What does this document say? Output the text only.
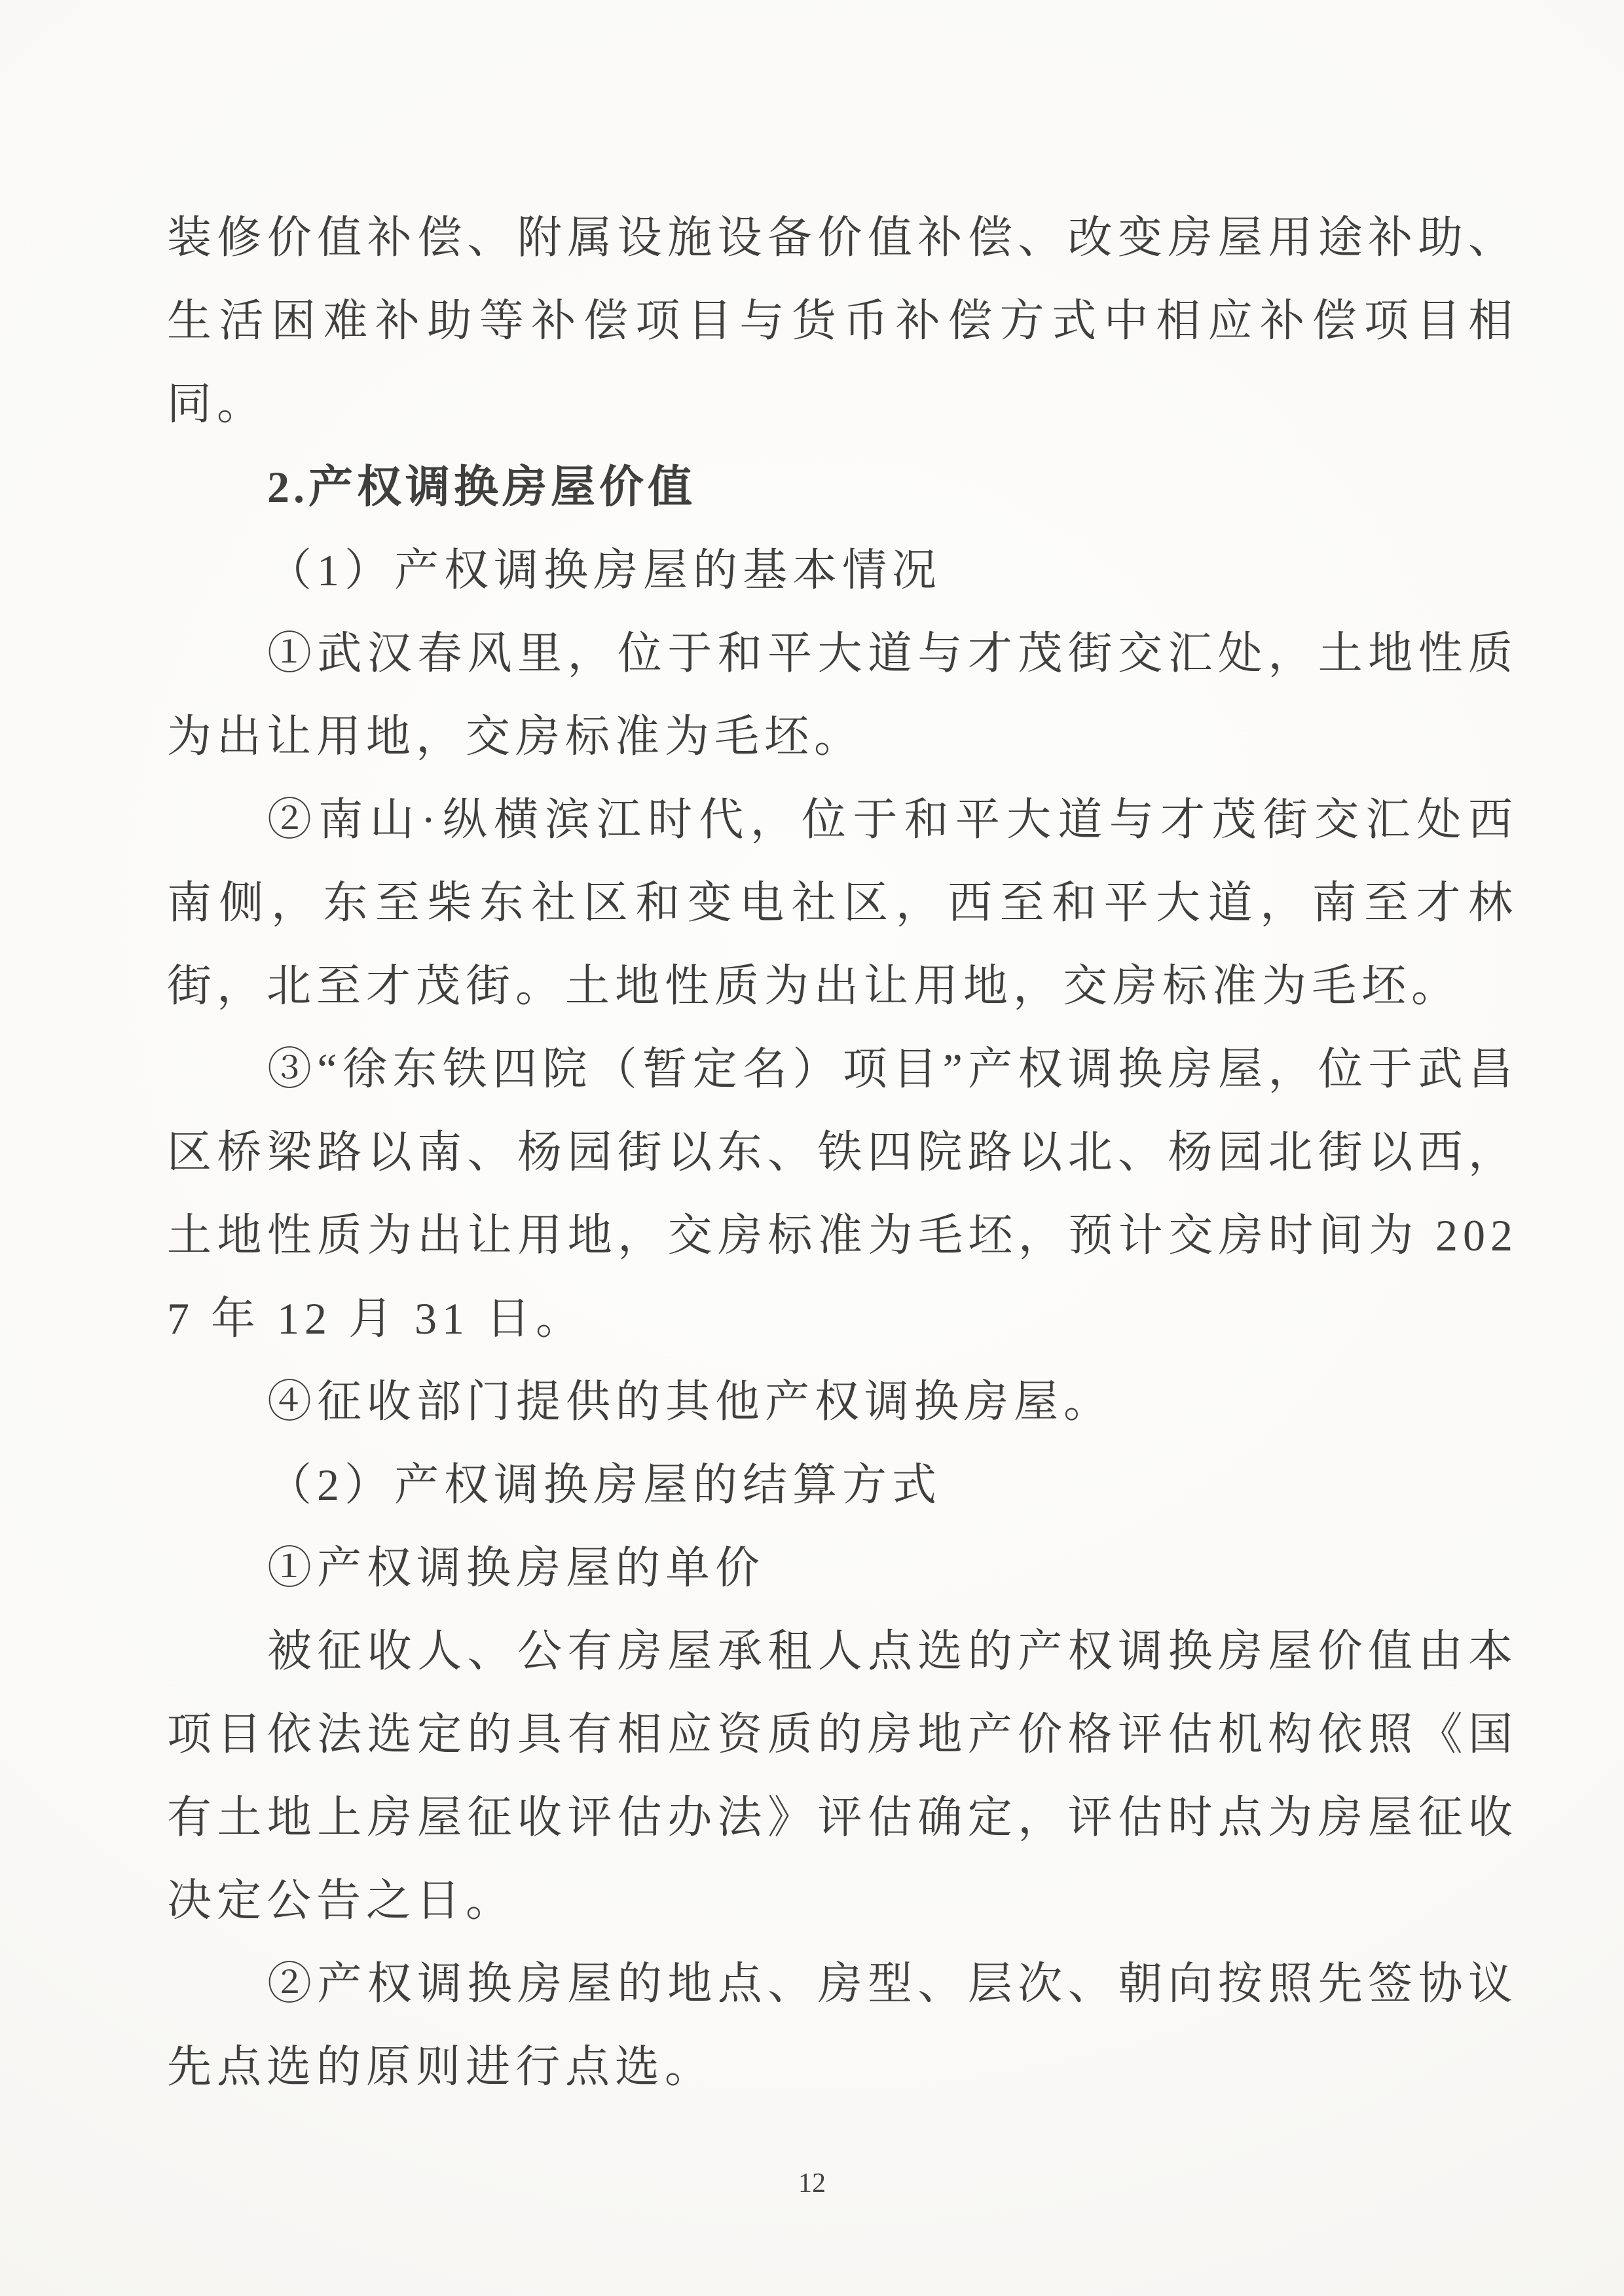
装修价值补偿、附属设施设备价值补偿、改变房屋用途补助、生活困难补助等补偿项目与货币补偿方式中相应补偿项目相同。

2.产权调换房屋价值

（1）产权调换房屋的基本情况

①武汉春风里，位于和平大道与才茂街交汇处，土地性质为出让用地，交房标准为毛坯。

②南山·纵横滨江时代，位于和平大道与才茂街交汇处西南侧，东至柴东社区和变电社区，西至和平大道，南至才林街，北至才茂街。土地性质为出让用地，交房标准为毛坯。

③“徐东铁四院（暂定名）项目”产权调换房屋，位于武昌区桥梁路以南、杨园街以东、铁四院路以北、杨园北街以西，土地性质为出让用地，交房标准为毛坯，预计交房时间为 2027 年 12 月 31 日。

④征收部门提供的其他产权调换房屋。

（2）产权调换房屋的结算方式

①产权调换房屋的单价

被征收人、公有房屋承租人点选的产权调换房屋价值由本项目依法选定的具有相应资质的房地产价格评估机构依照《国有土地上房屋征收评估办法》评估确定，评估时点为房屋征收决定公告之日。

②产权调换房屋的地点、房型、层次、朝向按照先签协议先点选的原则进行点选。

12
